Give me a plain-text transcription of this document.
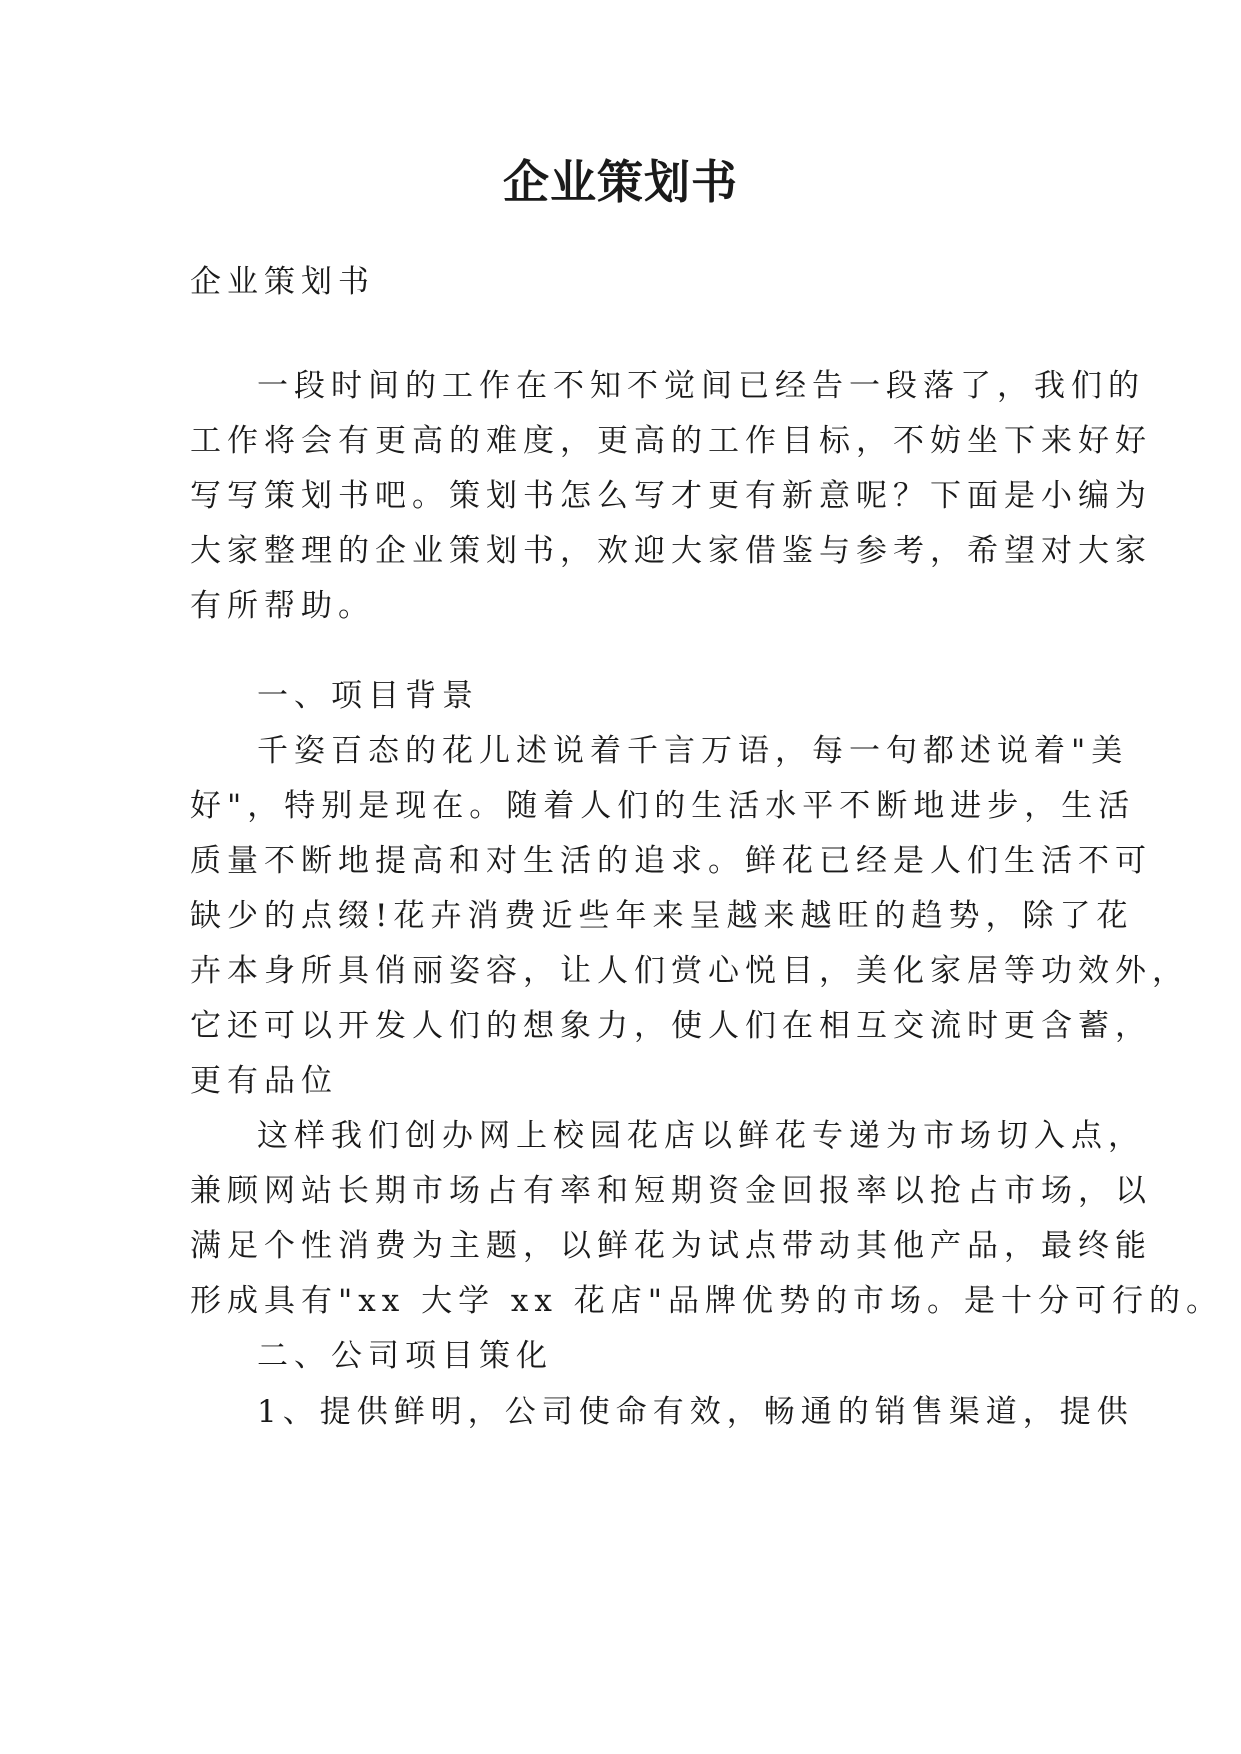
企业策划书
企业策划书
一段时间的工作在不知不觉间已经告一段落了，我们的
工作将会有更高的难度，更高的工作目标，不妨坐下来好好
写写策划书吧。策划书怎么写才更有新意呢？下面是小编为
大家整理的企业策划书，欢迎大家借鉴与参考，希望对大家
有所帮助。
一、项目背景
千姿百态的花儿述说着千言万语，每一句都述说着"美
好"，特别是现在。随着人们的生活水平不断地进步，生活
质量不断地提高和对生活的追求。鲜花已经是人们生活不可
缺少的点缀!花卉消费近些年来呈越来越旺的趋势，除了花
卉本身所具俏丽姿容，让人们赏心悦目，美化家居等功效外，
它还可以开发人们的想象力，使人们在相互交流时更含蓄，
更有品位
这样我们创办网上校园花店以鲜花专递为市场切入点，
兼顾网站长期市场占有率和短期资金回报率以抢占市场，以
满足个性消费为主题，以鲜花为试点带动其他产品，最终能
形成具有"xx 大学 xx 花店"品牌优势的市场。是十分可行的。
二、公司项目策化
1、提供鲜明，公司使命有效，畅通的销售渠道，提供
